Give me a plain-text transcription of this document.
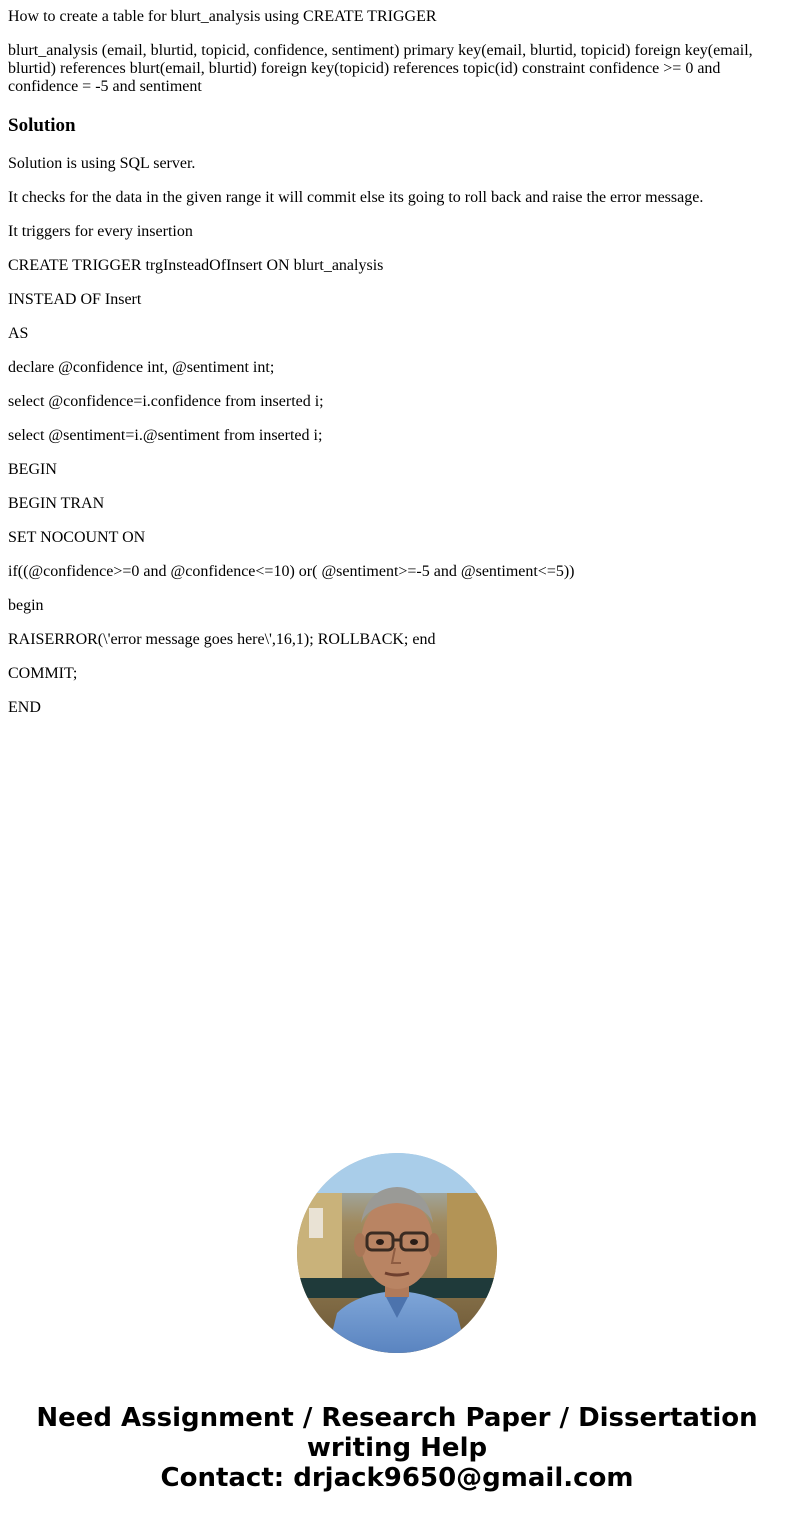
How to create a table for blurt_analysis using CREATE TRIGGER

blurt_analysis (email, blurtid, topicid, confidence, sentiment) primary key(email, blurtid, topicid) foreign key(email, blurtid) references blurt(email, blurtid) foreign key(topicid) references topic(id) constraint confidence >= 0 and confidence = -5 and sentiment

Solution

Solution is using SQL server.

It checks for the data in the given range it will commit else its going to roll back and raise the error message.

It triggers for every insertion

CREATE TRIGGER trgInsteadOfInsert ON blurt_analysis

INSTEAD OF Insert

AS

declare @confidence int, @sentiment int;

select @confidence=i.confidence from inserted i;

select @sentiment=i.@sentiment from inserted i;

BEGIN

BEGIN TRAN

SET NOCOUNT ON

if((@confidence>=0 and @confidence<=10) or( @sentiment>=-5 and @sentiment<=5))

begin

RAISERROR(\'error message goes here\',16,1); ROLLBACK; end

COMMIT;

END

Need Assignment / Research Paper / Dissertation
writing Help
Contact: drjack9650@gmail.com
